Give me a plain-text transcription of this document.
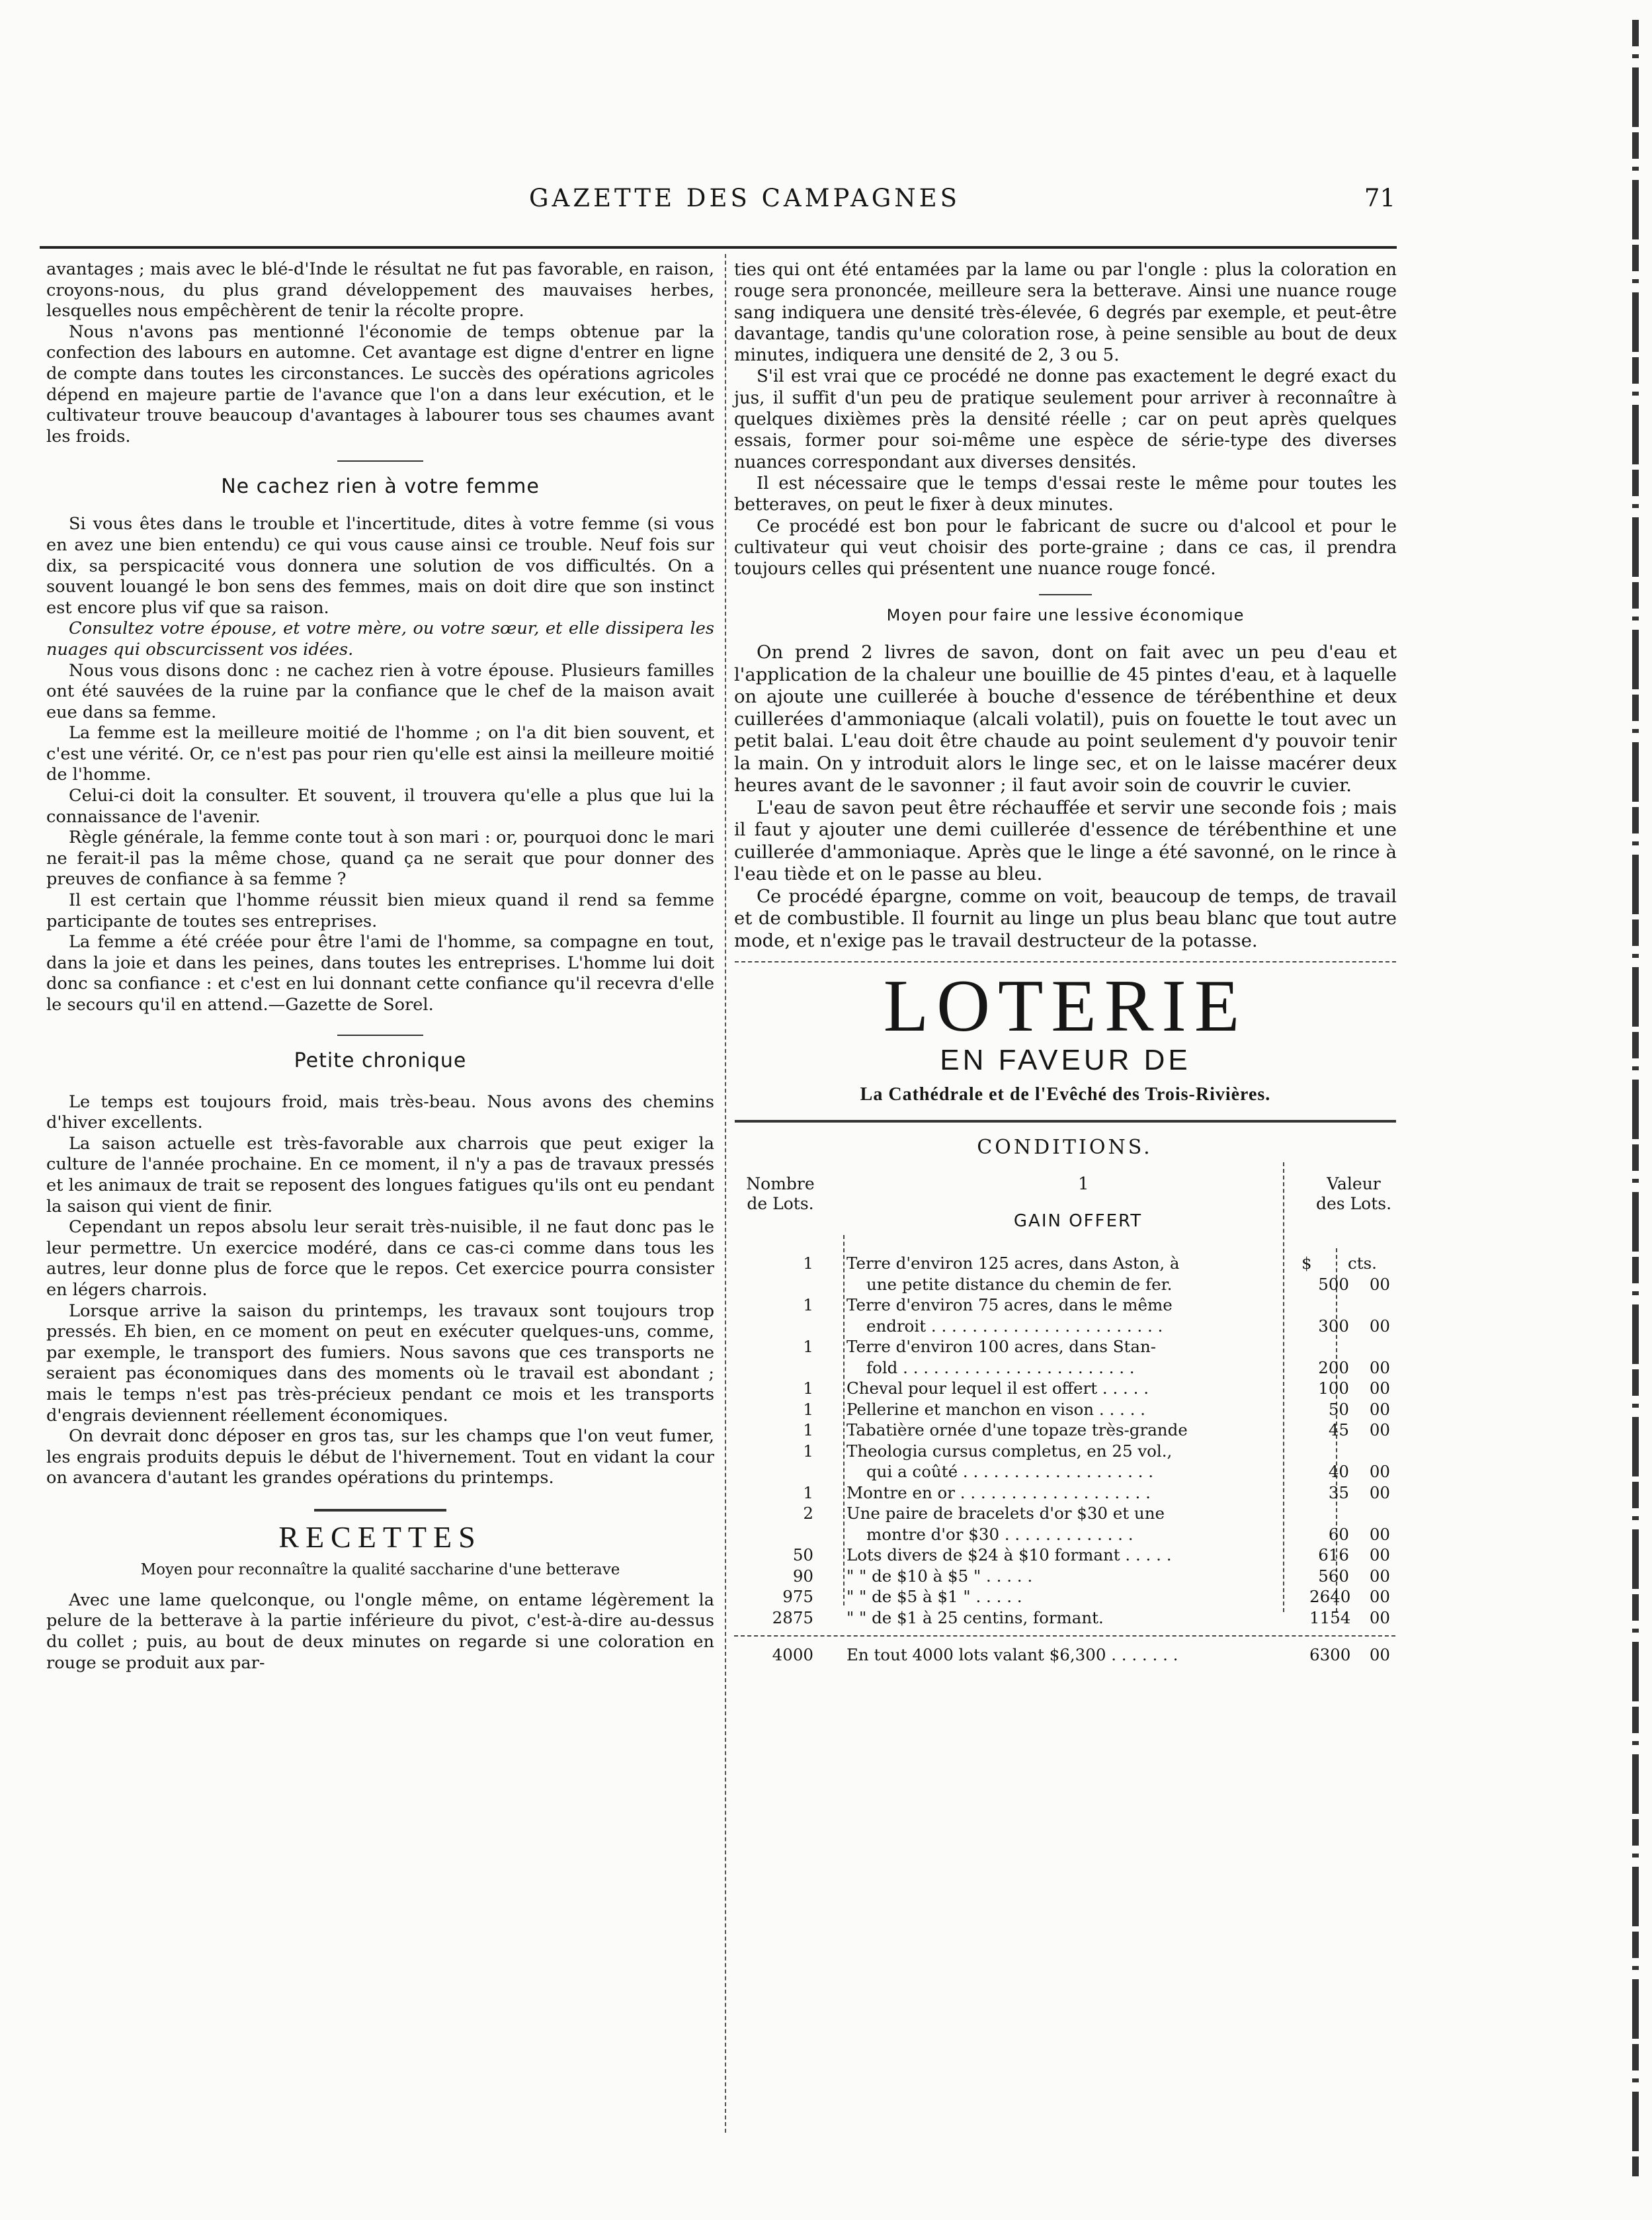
GAZETTE DES CAMPAGNES	71

avantages ; mais avec le blé-d'Inde le résultat ne fut pas favorable, en raison, croyons-nous, du plus grand développement des mauvaises herbes, lesquelles nous empêchèrent de tenir la récolte propre.

Nous n'avons pas mentionné l'économie de temps obtenue par la confection des labours en automne. Cet avantage est digne d'entrer en ligne de compte dans toutes les circonstances. Le succès des opérations agricoles dépend en majeure partie de l'avance que l'on a dans leur exécution, et le cultivateur trouve beaucoup d'avantages à labourer tous ses chaumes avant les froids.

Ne cachez rien à votre femme

Si vous êtes dans le trouble et l'incertitude, dites à votre femme (si vous en avez une bien entendu) ce qui vous cause ainsi ce trouble. Neuf fois sur dix, sa perspicacité vous donnera une solution de vos difficultés. On a souvent louangé le bon sens des femmes, mais on doit dire que son instinct est encore plus vif que sa raison.

Consultez votre épouse, et votre mère, ou votre sœur, et elle dissipera les nuages qui obscurcissent vos idées.

Nous vous disons donc : ne cachez rien à votre épouse. Plusieurs familles ont été sauvées de la ruine par la confiance que le chef de la maison avait eue dans sa femme.

La femme est la meilleure moitié de l'homme ; on l'a dit bien souvent, et c'est une vérité. Or, ce n'est pas pour rien qu'elle est ainsi la meilleure moitié de l'homme.

Celui-ci doit la consulter. Et souvent, il trouvera qu'elle a plus que lui la connaissance de l'avenir.

Règle générale, la femme conte tout à son mari : or, pourquoi donc le mari ne ferait-il pas la même chose, quand ça ne serait que pour donner des preuves de confiance à sa femme ?

Il est certain que l'homme réussit bien mieux quand il rend sa femme participante de toutes ses entreprises.

La femme a été créée pour être l'ami de l'homme, sa compagne en tout, dans la joie et dans les peines, dans toutes les entreprises. L'homme lui doit donc sa confiance : et c'est en lui donnant cette confiance qu'il recevra d'elle le secours qu'il en attend.—Gazette de Sorel.

Petite chronique

Le temps est toujours froid, mais très-beau. Nous avons des chemins d'hiver excellents.

La saison actuelle est très-favorable aux charrois que peut exiger la culture de l'année prochaine. En ce moment, il n'y a pas de travaux pressés et les animaux de trait se reposent des longues fatigues qu'ils ont eu pendant la saison qui vient de finir.

Cependant un repos absolu leur serait très-nuisible, il ne faut donc pas le leur permettre. Un exercice modéré, dans ce cas-ci comme dans tous les autres, leur donne plus de force que le repos. Cet exercice pourra consister en légers charrois.

Lorsque arrive la saison du printemps, les travaux sont toujours trop pressés. Eh bien, en ce moment on peut en exécuter quelques-uns, comme, par exemple, le transport des fumiers. Nous savons que ces transports ne seraient pas économiques dans des moments où le travail est abondant ; mais le temps n'est pas très-précieux pendant ce mois et les transports d'engrais deviennent réellement économiques.

On devrait donc déposer en gros tas, sur les champs que l'on veut fumer, les engrais produits depuis le début de l'hivernement. Tout en vidant la cour on avancera d'autant les grandes opérations du printemps.

RECETTES
Moyen pour reconnaître la qualité saccharine d'une betterave

Avec une lame quelconque, ou l'ongle même, on entame légèrement la pelure de la betterave à la partie inférieure du pivot, c'est-à-dire au-dessus du collet ; puis, au bout de deux minutes on regarde si une coloration en rouge se produit aux par-

ties qui ont été entamées par la lame ou par l'ongle : plus la coloration en rouge sera prononcée, meilleure sera la betterave. Ainsi une nuance rouge sang indiquera une densité très-élevée, 6 degrés par exemple, et peut-être davantage, tandis qu'une coloration rose, à peine sensible au bout de deux minutes, indiquera une densité de 2, 3 ou 5.

S'il est vrai que ce procédé ne donne pas exactement le degré exact du jus, il suffit d'un peu de pratique seulement pour arriver à reconnaître à quelques dixièmes près la densité réelle ; car on peut après quelques essais, former pour soi-même une espèce de série-type des diverses nuances correspondant aux diverses densités.

Il est nécessaire que le temps d'essai reste le même pour toutes les betteraves, on peut le fixer à deux minutes.

Ce procédé est bon pour le fabricant de sucre ou d'alcool et pour le cultivateur qui veut choisir des porte-graine ; dans ce cas, il prendra toujours celles qui présentent une nuance rouge foncé.

Moyen pour faire une lessive économique

On prend 2 livres de savon, dont on fait avec un peu d'eau et l'application de la chaleur une bouillie de 45 pintes d'eau, et à laquelle on ajoute une cuillerée à bouche d'essence de térébenthine et deux cuillerées d'ammoniaque (alcali volatil), puis on fouette le tout avec un petit balai. L'eau doit être chaude au point seulement d'y pouvoir tenir la main. On y introduit alors le linge sec, et on le laisse macérer deux heures avant de le savonner ; il faut avoir soin de couvrir le cuvier.

L'eau de savon peut être réchauffée et servir une seconde fois ; mais il faut y ajouter une demi cuillerée d'essence de térébenthine et une cuillerée d'ammoniaque. Après que le linge a été savonné, on le rince à l'eau tiède et on le passe au bleu.

Ce procédé épargne, comme on voit, beaucoup de temps, de travail et de combustible. Il fournit au linge un plus beau blanc que tout autre mode, et n'exige pas le travail destructeur de la potasse.

LOTERIE
EN FAVEUR DE
La Cathédrale et de l'Evêché des Trois-Rivières.
CONDITIONS.
Nombre de Lots.
1
GAIN OFFERT
Valeur des Lots.
$ cts.
1 Terre d'environ 125 acres, dans Aston, à
une petite distance du chemin de fer.	500	00
1 Terre d'environ 75 acres, dans le même
endroit . . . . . . . . . . . . . . . . . . . . . . .	300	00
1 Terre d'environ 100 acres, dans Stan-
fold . . . . . . . . . . . . . . . . . . . . . . .	200	00
1 Cheval pour lequel il est offert . . . . .	100	00
1 Pellerine et manchon en vison . . . . .	50	00
1 Tabatière ornée d'une topaze très-grande	45	00
1 Theologia cursus completus, en 25 vol.,
qui a coûté . . . . . . . . . . . . . . . . . . .	40	00
1 Montre en or . . . . . . . . . . . . . . . . . . .	35	00
2 Une paire de bracelets d'or $30 et une
montre d'or $30 . . . . . . . . . . . . .	60	00
50 Lots divers de $24 à $10 formant . . . . .	616	00
90 " " de $10 à $5 " . . . . .	560	00
975 " " de $5 à $1 " . . . . .	2640	00
2875 " " de $1 à 25 centins, formant.	1154	00
4000 En tout 4000 lots valant $6,300 . . . . . . .	6300	00
